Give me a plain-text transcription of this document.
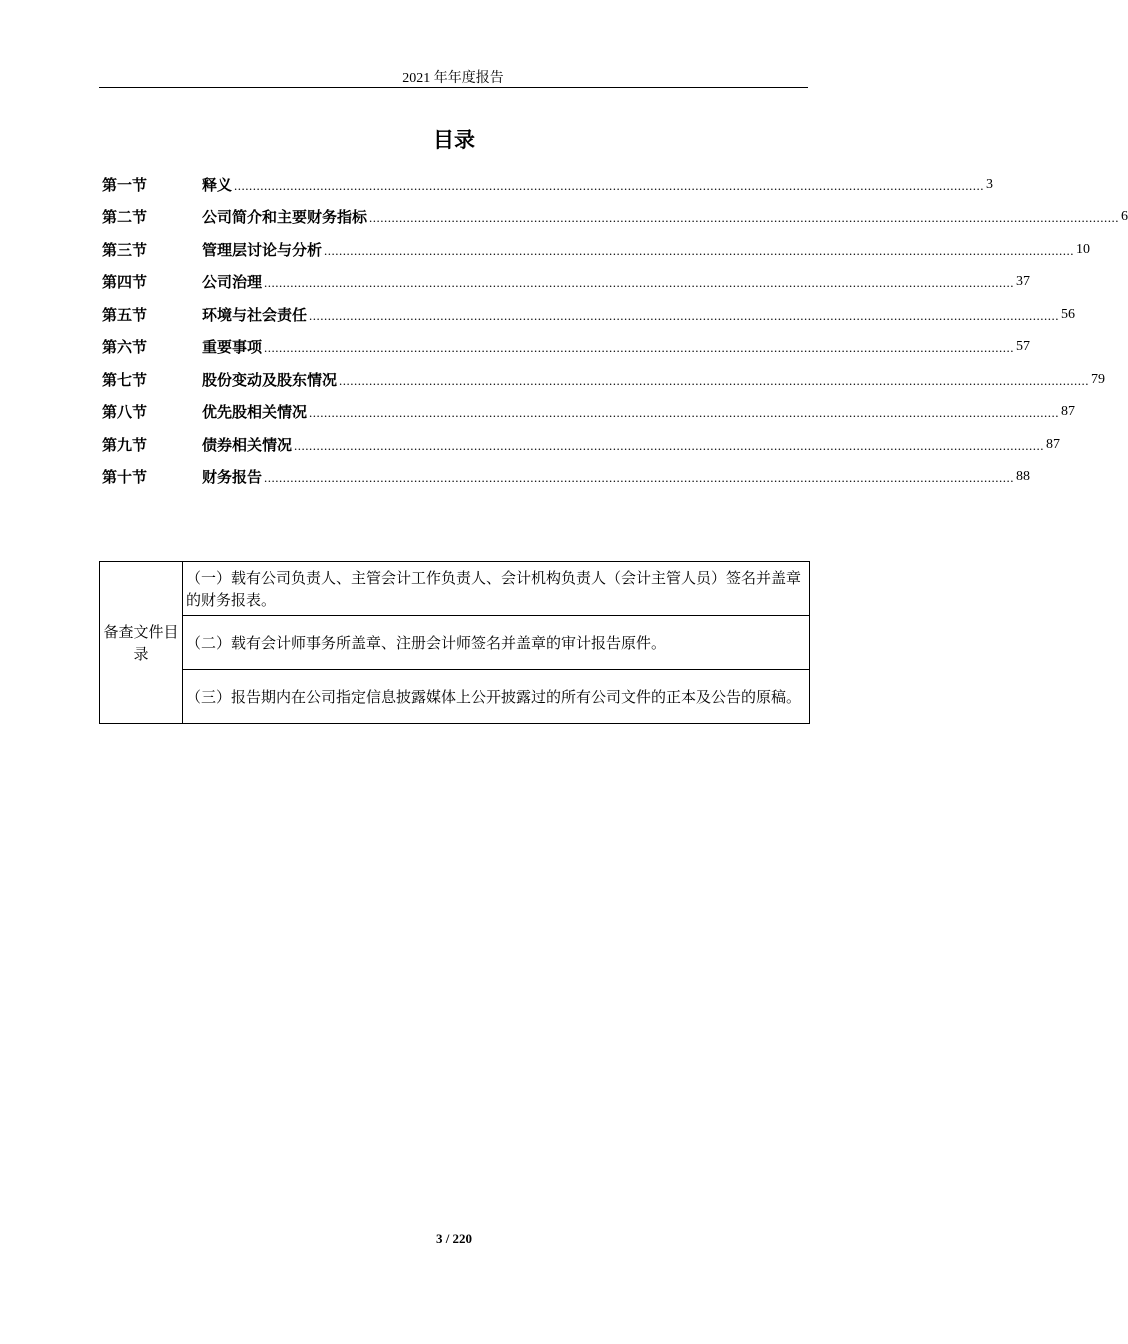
2021 年年度报告
目录
第一节	释义 ........................................................................................................................................................................................................ 3
第二节	公司简介和主要财务指标 ........................................................................................................................................................................................................ 6
第三节	管理层讨论与分析 ........................................................................................................................................................................................................ 10
第四节	公司治理 ........................................................................................................................................................................................................ 37
第五节	环境与社会责任 ........................................................................................................................................................................................................ 56
第六节	重要事项 ........................................................................................................................................................................................................ 57
第七节	股份变动及股东情况 ........................................................................................................................................................................................................ 79
第八节	优先股相关情况 ........................................................................................................................................................................................................ 87
第九节	债券相关情况 ........................................................................................................................................................................................................ 87
第十节	财务报告 ........................................................................................................................................................................................................ 88
备查文件目录	（一）载有公司负责人、主管会计工作负责人、会计机构负责人（会计主管人员）签名并盖章的财务报表。
（二）载有会计师事务所盖章、注册会计师签名并盖章的审计报告原件。
（三）报告期内在公司指定信息披露媒体上公开披露过的所有公司文件的正本及公告的原稿。
3 / 220
